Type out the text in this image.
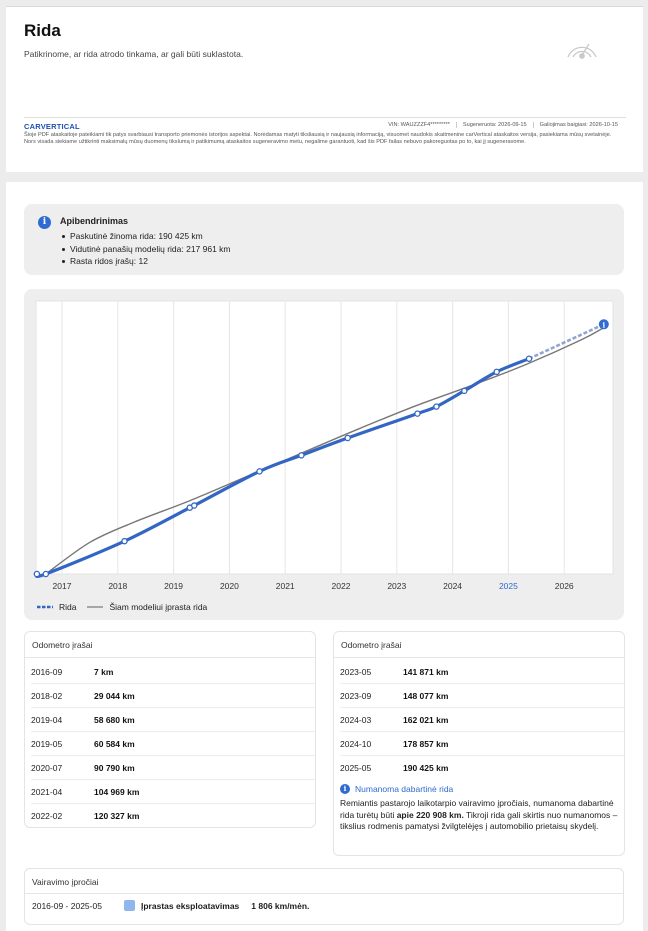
Rida
Patikrinome, ar rida atrodo tinkama, ar gali būti suklastota.
CARVERTICAL	VIN: WAUZZZF4*********	Sugeneruota: 2026-09-15	Galiojimas baigiasi: 2026-10-15
Šioje PDF ataskaitoje pateikiami tik patys svarbiausi transporto priemonės istorijos aspektai. Norėdamas matyti tiksliausią ir naujausią informaciją, visuomet naudokis skaitmenine carVertical ataskaitos versija, pasiekiama mūsų svetainėje. Nors visada siekiame užtikrinti maksimalų mūsų duomenų tikslumą ir patikimumą ataskaitos sugeneravimo metu, negalime garantuoti, kad šis PDF failas nebuvo pakoreguotas po to, kai jį sugeneravome.
i	Apibendrinimas
Paskutinė žinoma rida: 190 425 km
Vidutinė panašių modelių rida: 217 961 km
Rasta ridos įrašų: 12
2017	2018	2019	2020	2021	2022	2023	2024	2025	2026
i
Rida	Šiam modeliui įprasta rida
Odometro įrašai
2016-09	7 km
2018-02	29 044 km
2019-04	58 680 km
2019-05	60 584 km
2020-07	90 790 km
2021-04	104 969 km
2022-02	120 327 km
Odometro įrašai
2023-05	141 871 km
2023-09	148 077 km
2024-03	162 021 km
2024-10	178 857 km
2025-05	190 425 km
i	Numanoma dabartinė rida
Remiantis pastarojo laikotarpio vairavimo įpročiais, numanoma dabartinė rida turėtų būti apie 220 908 km. Tikroji rida gali skirtis nuo numanomos – tikslius rodmenis pamatysi žvilgtelėjęs į automobilio prietaisų skydelį.
Vairavimo įpročiai
2016-09 - 2025-05	Įprastas eksploatavimas 1 806 km/mėn.
